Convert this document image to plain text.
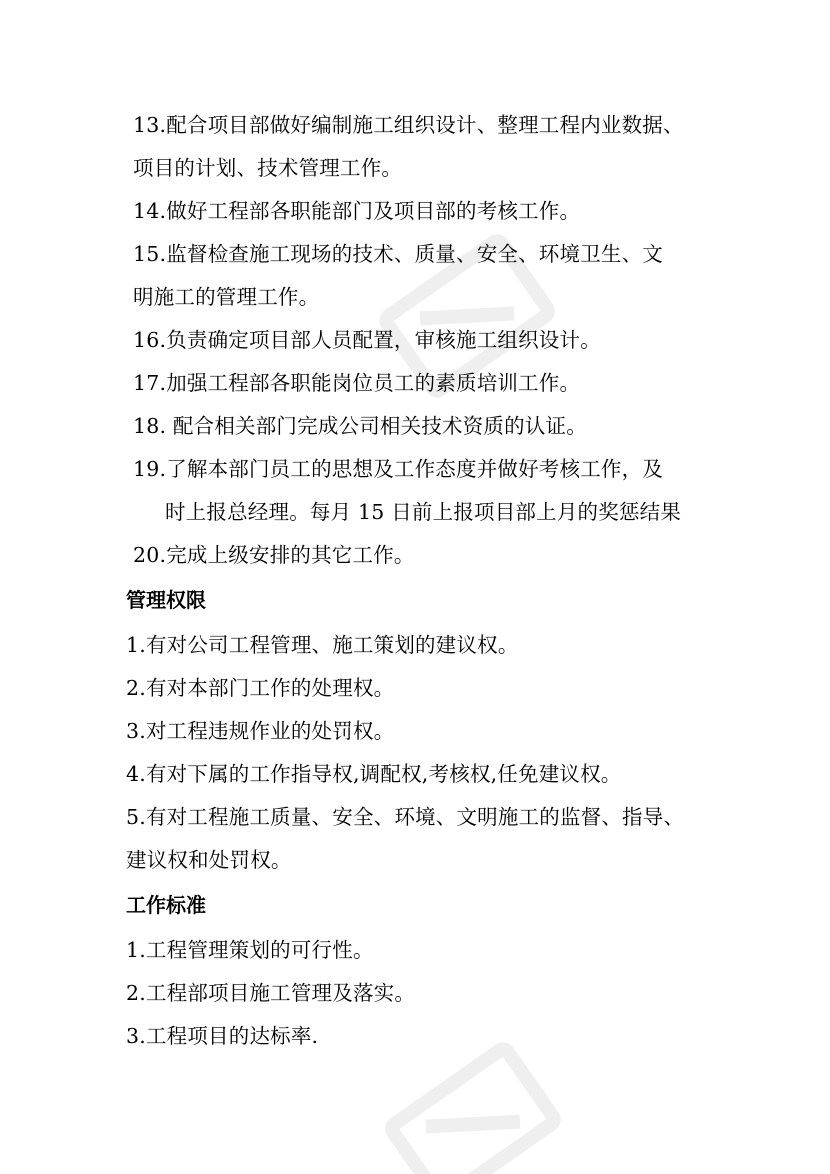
13.配合项目部做好编制施工组织设计、整理工程内业数据、
项目的计划、技术管理工作。
14.做好工程部各职能部门及项目部的考核工作。
15.监督检查施工现场的技术、质量、安全、环境卫生、文
明施工的管理工作。
16.负责确定项目部人员配置，审核施工组织设计。
17.加强工程部各职能岗位员工的素质培训工作。
18. 配合相关部门完成公司相关技术资质的认证。
19.了解本部门员工的思想及工作态度并做好考核工作，及
时上报总经理。每月 15 日前上报项目部上月的奖惩结果
20.完成上级安排的其它工作。
管理权限
1.有对公司工程管理、施工策划的建议权。
2.有对本部门工作的处理权。
3.对工程违规作业的处罚权。
4.有对下属的工作指导权,调配权,考核权,任免建议权。
5.有对工程施工质量、安全、环境、文明施工的监督、指导、
建议权和处罚权。
工作标准
1.工程管理策划的可行性。
2.工程部项目施工管理及落实。
3.工程项目的达标率.
